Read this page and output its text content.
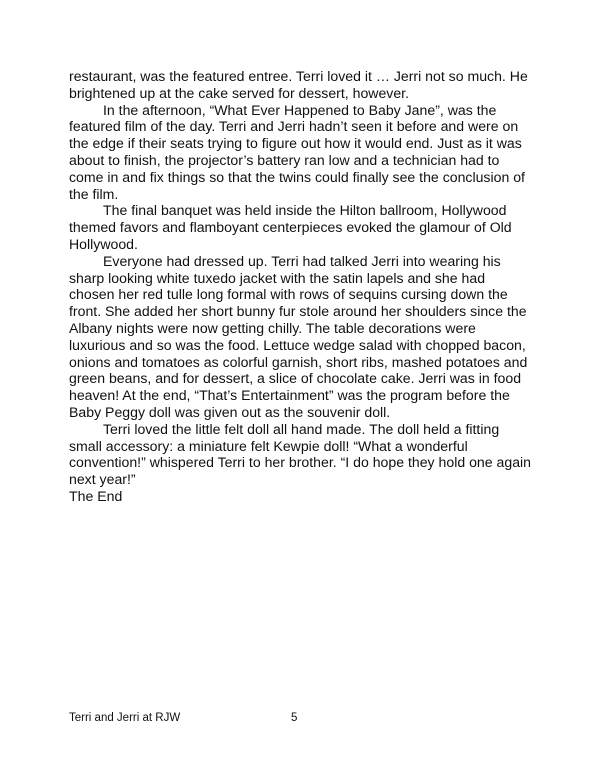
restaurant, was the featured entree. Terri loved it … Jerri not so much. He brightened up at the cake served for dessert, however.

In the afternoon, “What Ever Happened to Baby Jane”, was the featured film of the day. Terri and Jerri hadn’t seen it before and were on the edge if their seats trying to figure out how it would end. Just as it was about to finish, the projector’s battery ran low and a technician had to come in and fix things so that the twins could finally see the conclusion of the film.

The final banquet was held inside the Hilton ballroom, Hollywood themed favors and flamboyant centerpieces evoked the glamour of Old Hollywood.

Everyone had dressed up. Terri had talked Jerri into wearing his sharp looking white tuxedo jacket with the satin lapels and she had chosen her red tulle long formal with rows of sequins cursing down the front. She added her short bunny fur stole around her shoulders since the Albany nights were now getting chilly. The table decorations were luxurious and so was the food. Lettuce wedge salad with chopped bacon, onions and tomatoes as colorful garnish, short ribs, mashed potatoes and green beans, and for dessert, a slice of chocolate cake. Jerri was in food heaven! At the end, “That’s Entertainment” was the program before the Baby Peggy doll was given out as the souvenir doll.

Terri loved the little felt doll all hand made. The doll held a fitting small accessory: a miniature felt Kewpie doll! “What a wonderful convention!” whispered Terri to her brother. “I do hope they hold one again next year!”

The End

Terri and Jerri at RJW	5
